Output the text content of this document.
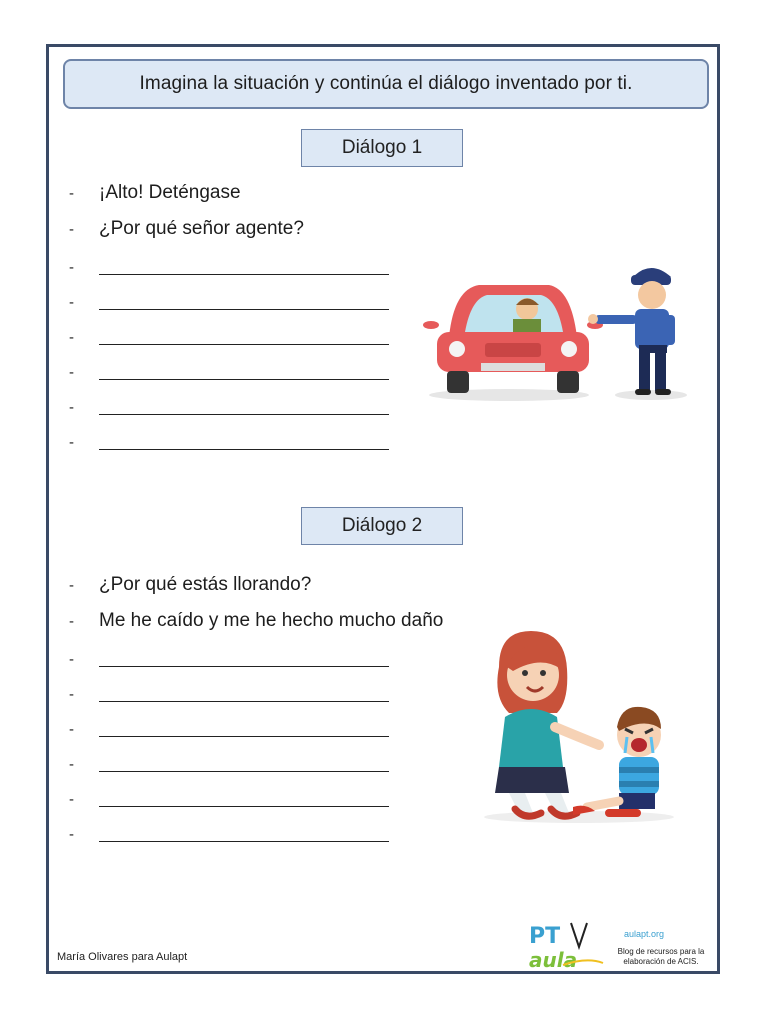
Imagina la situación y continúa el diálogo inventado por ti.
Diálogo 1
-	¡Alto! Deténgase
-	¿Por qué señor agente?
-
-
-
-
-
-
Diálogo 2
-	¿Por qué estás llorando?
-	Me he caído y me he hecho mucho daño
-
-
-
-
-
-
María Olivares para Aulapt
PT
aula
aulapt.org
Blog de recursos para la
elaboración de ACIS.
